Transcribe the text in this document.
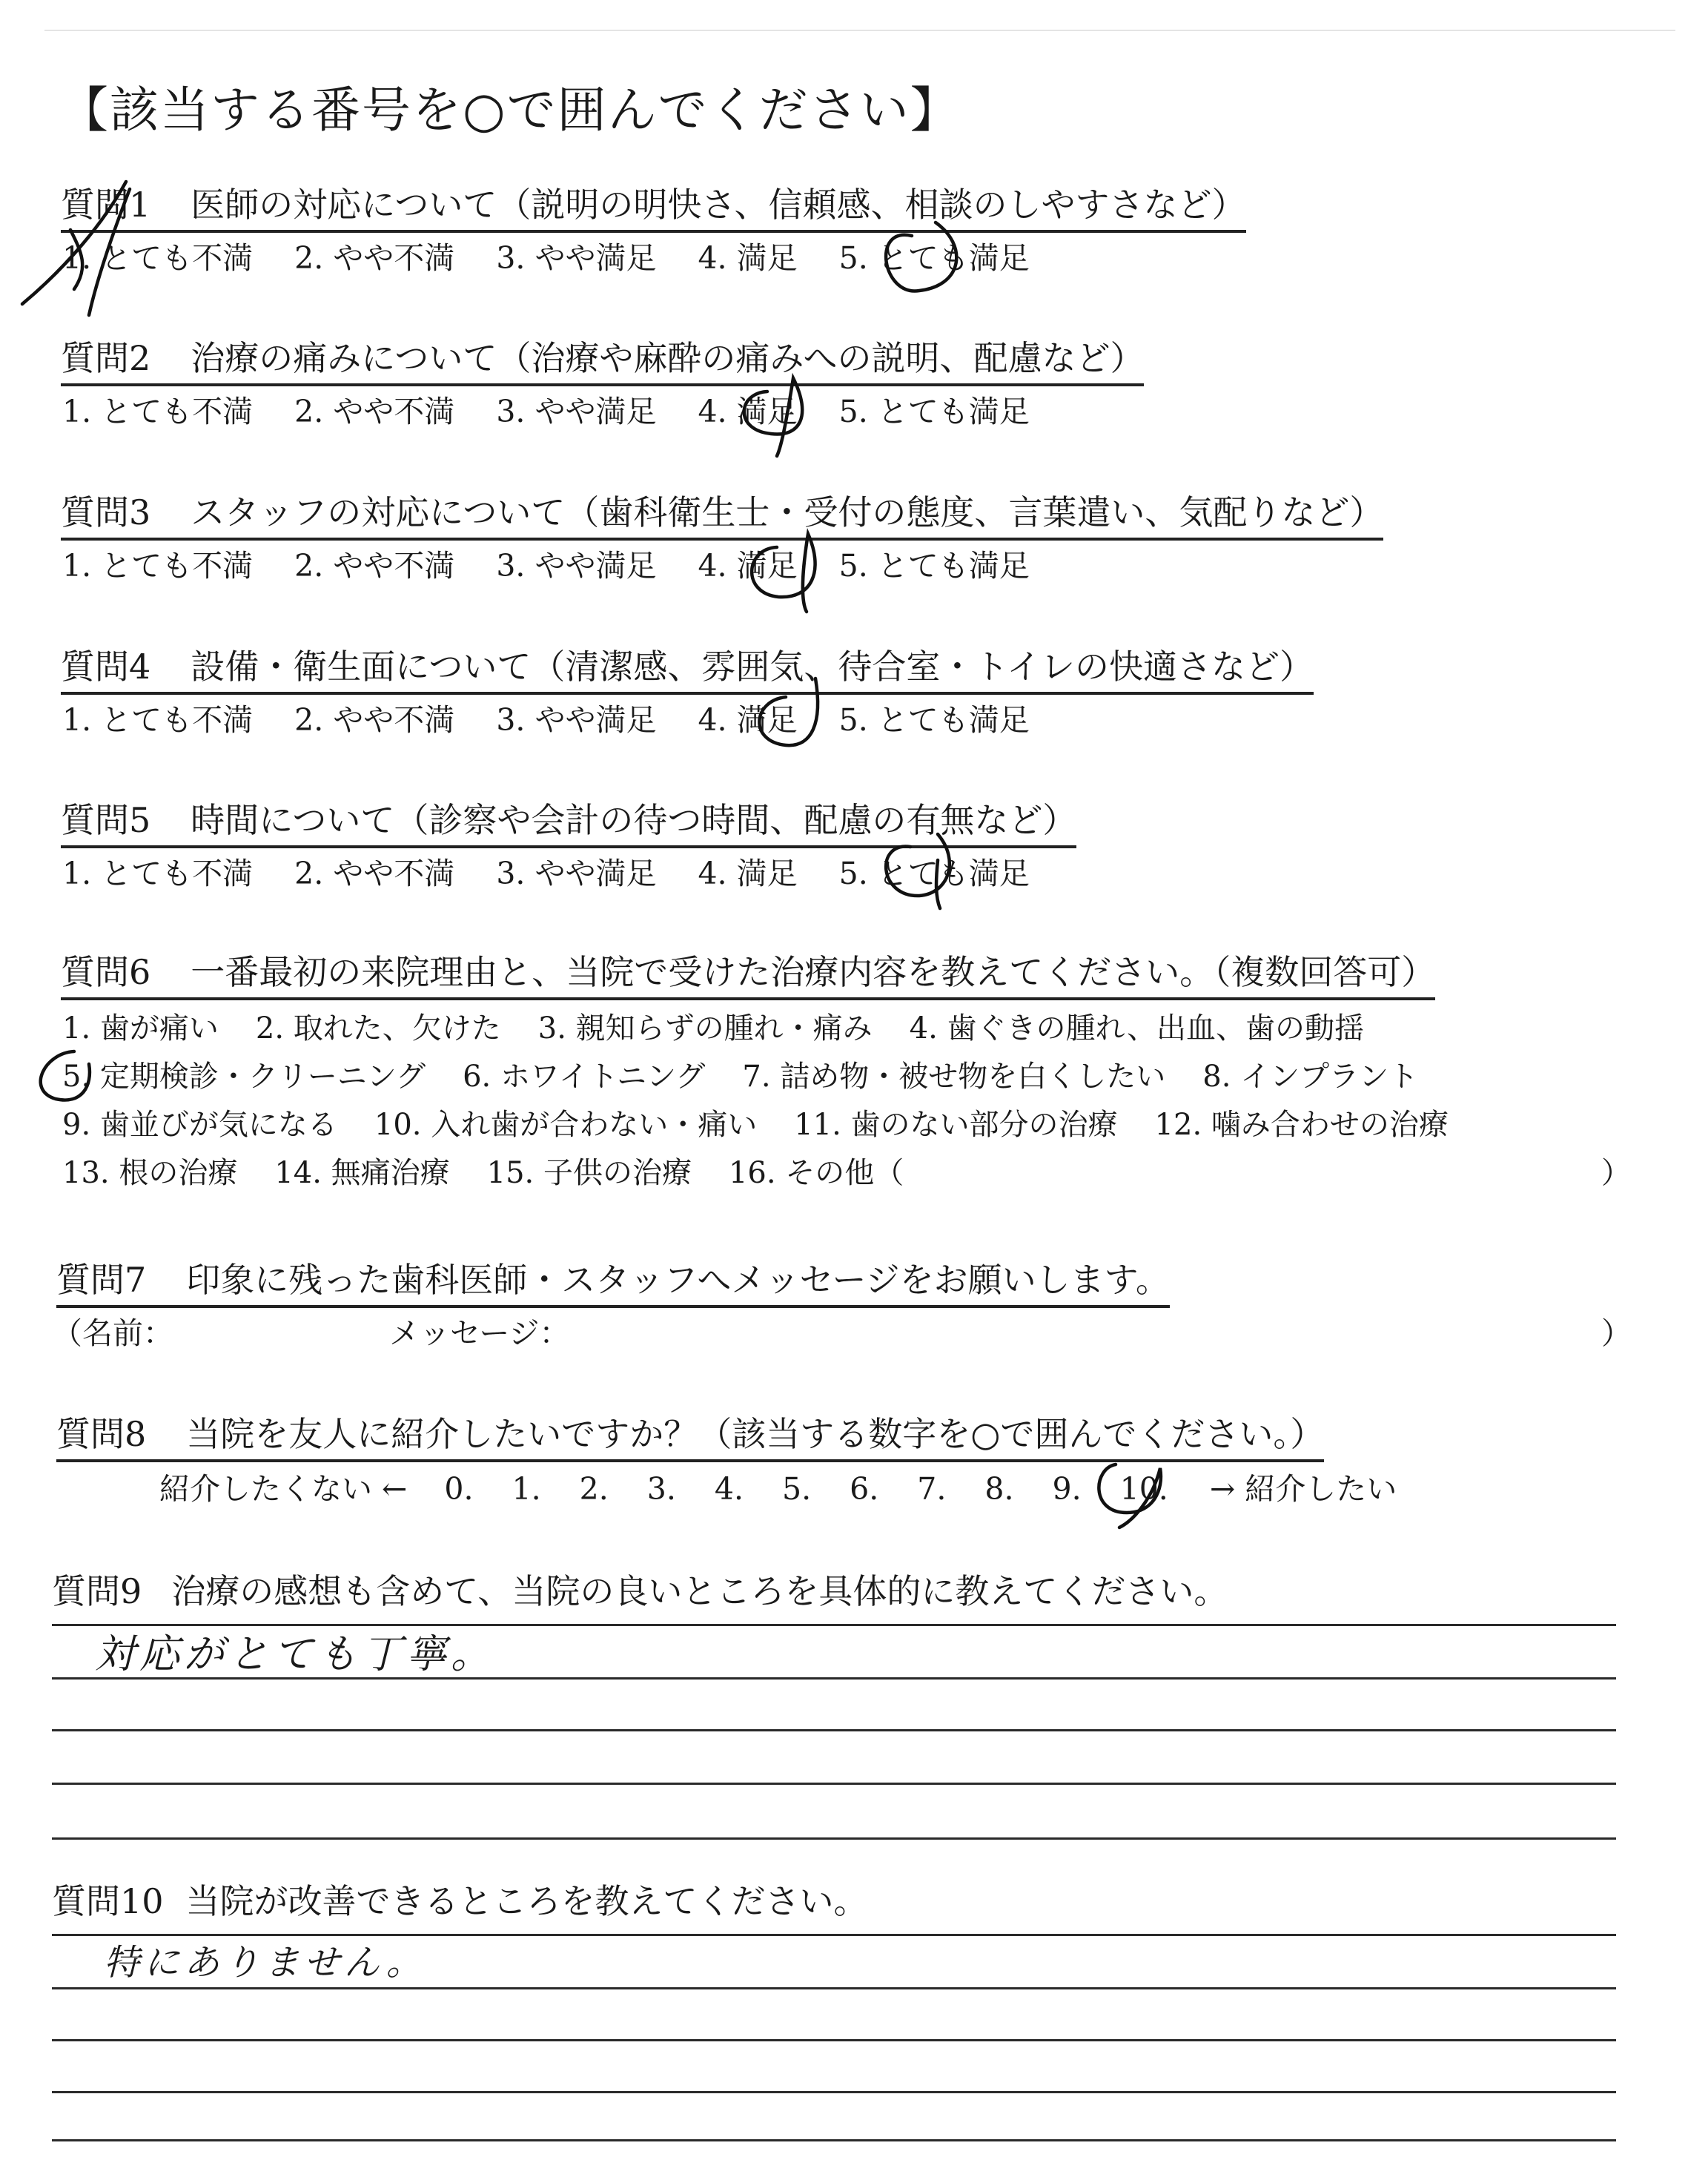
【該当する番号を○で囲んでください】
質問1 医師の対応について（説明の明快さ、信頼感、相談のしやすさなど）
1. とても不満 2. やや不満 3. やや満足 4. 満足 5. とても満足
質問2 治療の痛みについて（治療や麻酔の痛みへの説明、配慮など）
1. とても不満 2. やや不満 3. やや満足 4. 満足 5. とても満足
質問3 スタッフの対応について（歯科衛生士・受付の態度、言葉遣い、気配りなど）
1. とても不満 2. やや不満 3. やや満足 4. 満足 5. とても満足
質問4 設備・衛生面について（清潔感、雰囲気、待合室・トイレの快適さなど）
1. とても不満 2. やや不満 3. やや満足 4. 満足 5. とても満足
質問5 時間について（診察や会計の待つ時間、配慮の有無など）
1. とても不満 2. やや不満 3. やや満足 4. 満足 5. とても満足
質問6 一番最初の来院理由と、当院で受けた治療内容を教えてください。（複数回答可）
1. 歯が痛い 2. 取れた、欠けた 3. 親知らずの腫れ・痛み 4. 歯ぐきの腫れ、出血、歯の動揺
5. 定期検診・クリーニング 6. ホワイトニング 7. 詰め物・被せ物を白くしたい 8. インプラント
9. 歯並びが気になる 10. 入れ歯が合わない・痛い 11. 歯のない部分の治療 12. 噛み合わせの治療
13. 根の治療 14. 無痛治療 15. 子供の治療 16. その他（	）
質問7 印象に残った歯科医師・スタッフへメッセージをお願いします。
（名前：	メッセージ：	）
質問8 当院を友人に紹介したいですか？（該当する数字を○で囲んでください。）
紹介したくない ← 0. 1. 2. 3. 4. 5. 6. 7. 8. 9. 10. → 紹介したい
質問9 治療の感想も含めて、当院の良いところを具体的に教えてください。
対応がとても丁寧。
質問10 当院が改善できるところを教えてください。
特にありません。
